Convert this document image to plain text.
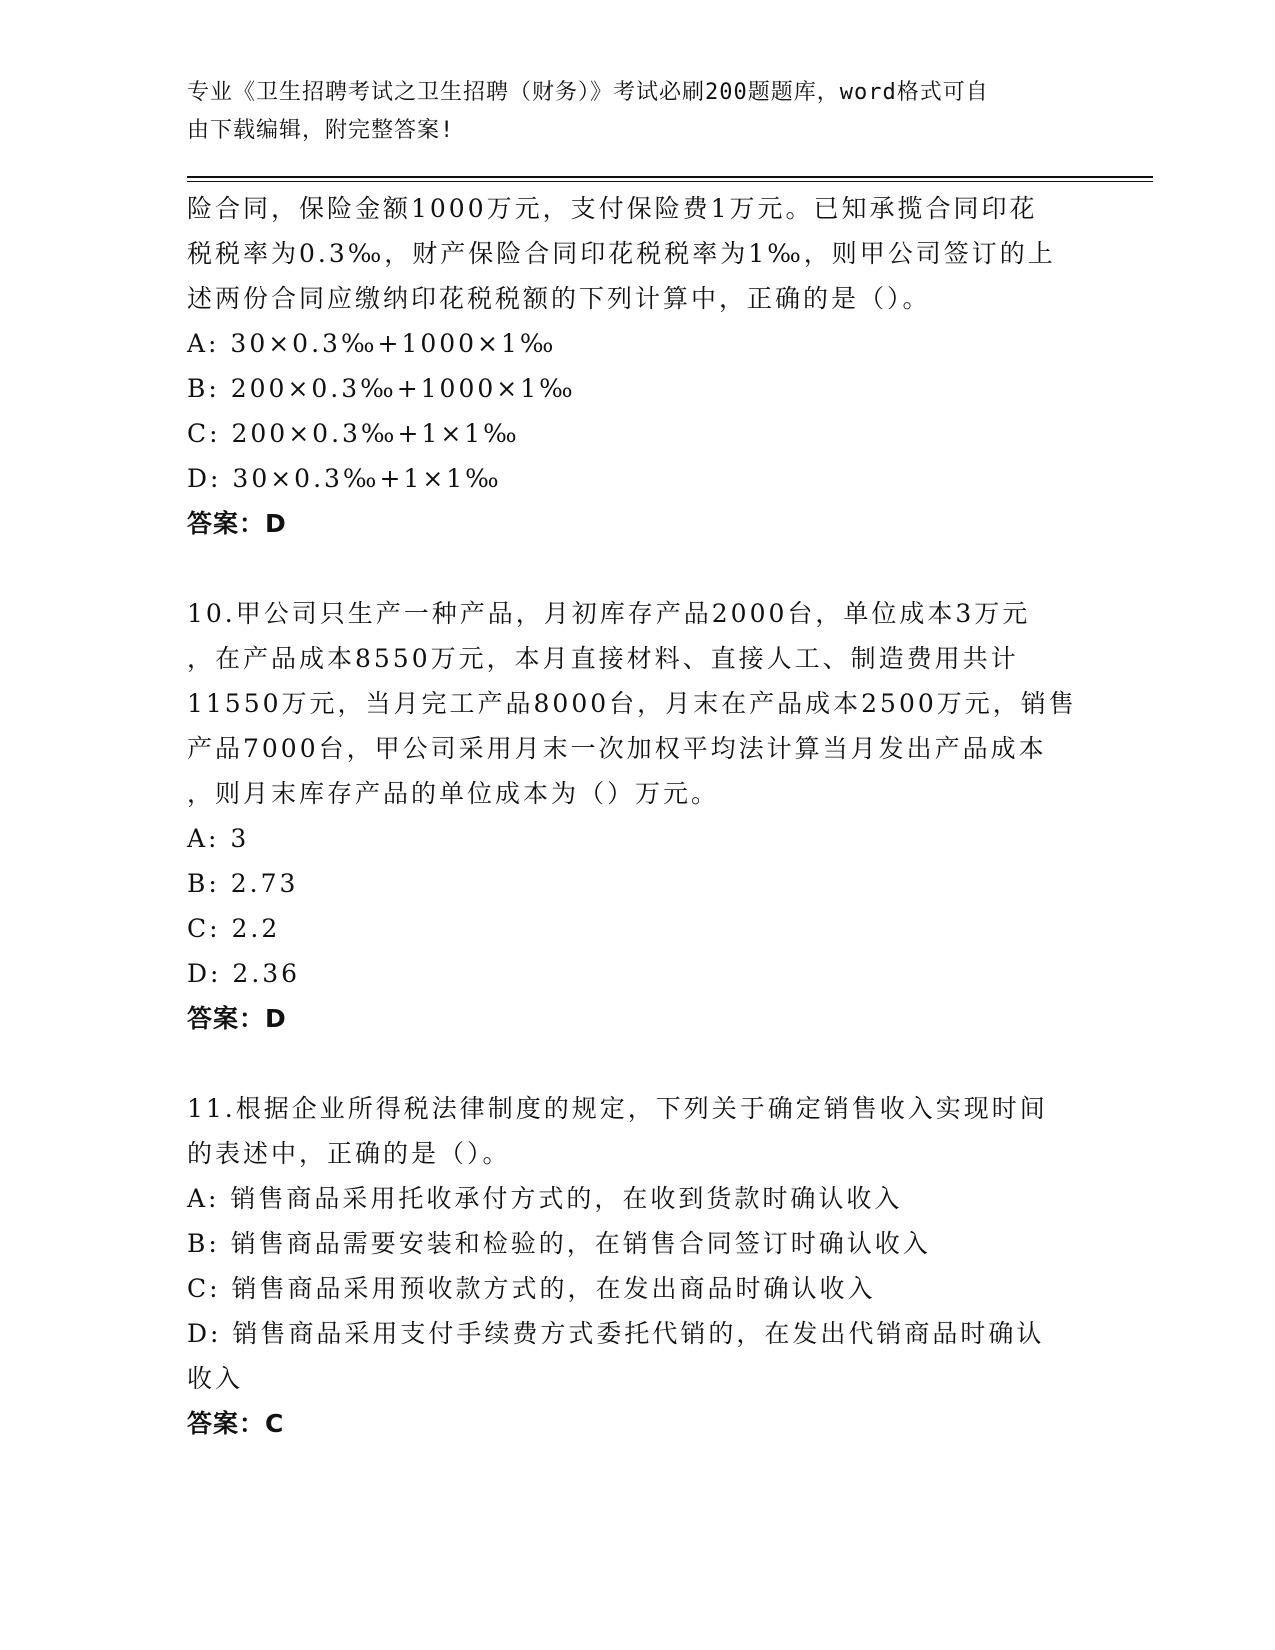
专业《卫生招聘考试之卫生招聘（财务）》考试必刷200题题库，word格式可自
由下载编辑，附完整答案!
险合同，保险金额1000万元，支付保险费1万元。已知承揽合同印花
税税率为0.3‰，财产保险合同印花税税率为1‰，则甲公司签订的上
述两份合同应缴纳印花税税额的下列计算中，正确的是（）。
A: 30×0.3‰+1000×1‰
B: 200×0.3‰+1000×1‰
C: 200×0.3‰+1×1‰
D: 30×0.3‰+1×1‰
答案：D
10.甲公司只生产一种产品，月初库存产品2000台，单位成本3万元
，在产品成本8550万元，本月直接材料、直接人工、制造费用共计
11550万元，当月完工产品8000台，月末在产品成本2500万元，销售
产品7000台，甲公司采用月末一次加权平均法计算当月发出产品成本
，则月末库存产品的单位成本为（）万元。
A: 3
B: 2.73
C: 2.2
D: 2.36
答案：D
11.根据企业所得税法律制度的规定，下列关于确定销售收入实现时间
的表述中，正确的是（）。
A: 销售商品采用托收承付方式的，在收到货款时确认收入
B: 销售商品需要安装和检验的，在销售合同签订时确认收入
C: 销售商品采用预收款方式的，在发出商品时确认收入
D: 销售商品采用支付手续费方式委托代销的，在发出代销商品时确认
收入
答案：C
